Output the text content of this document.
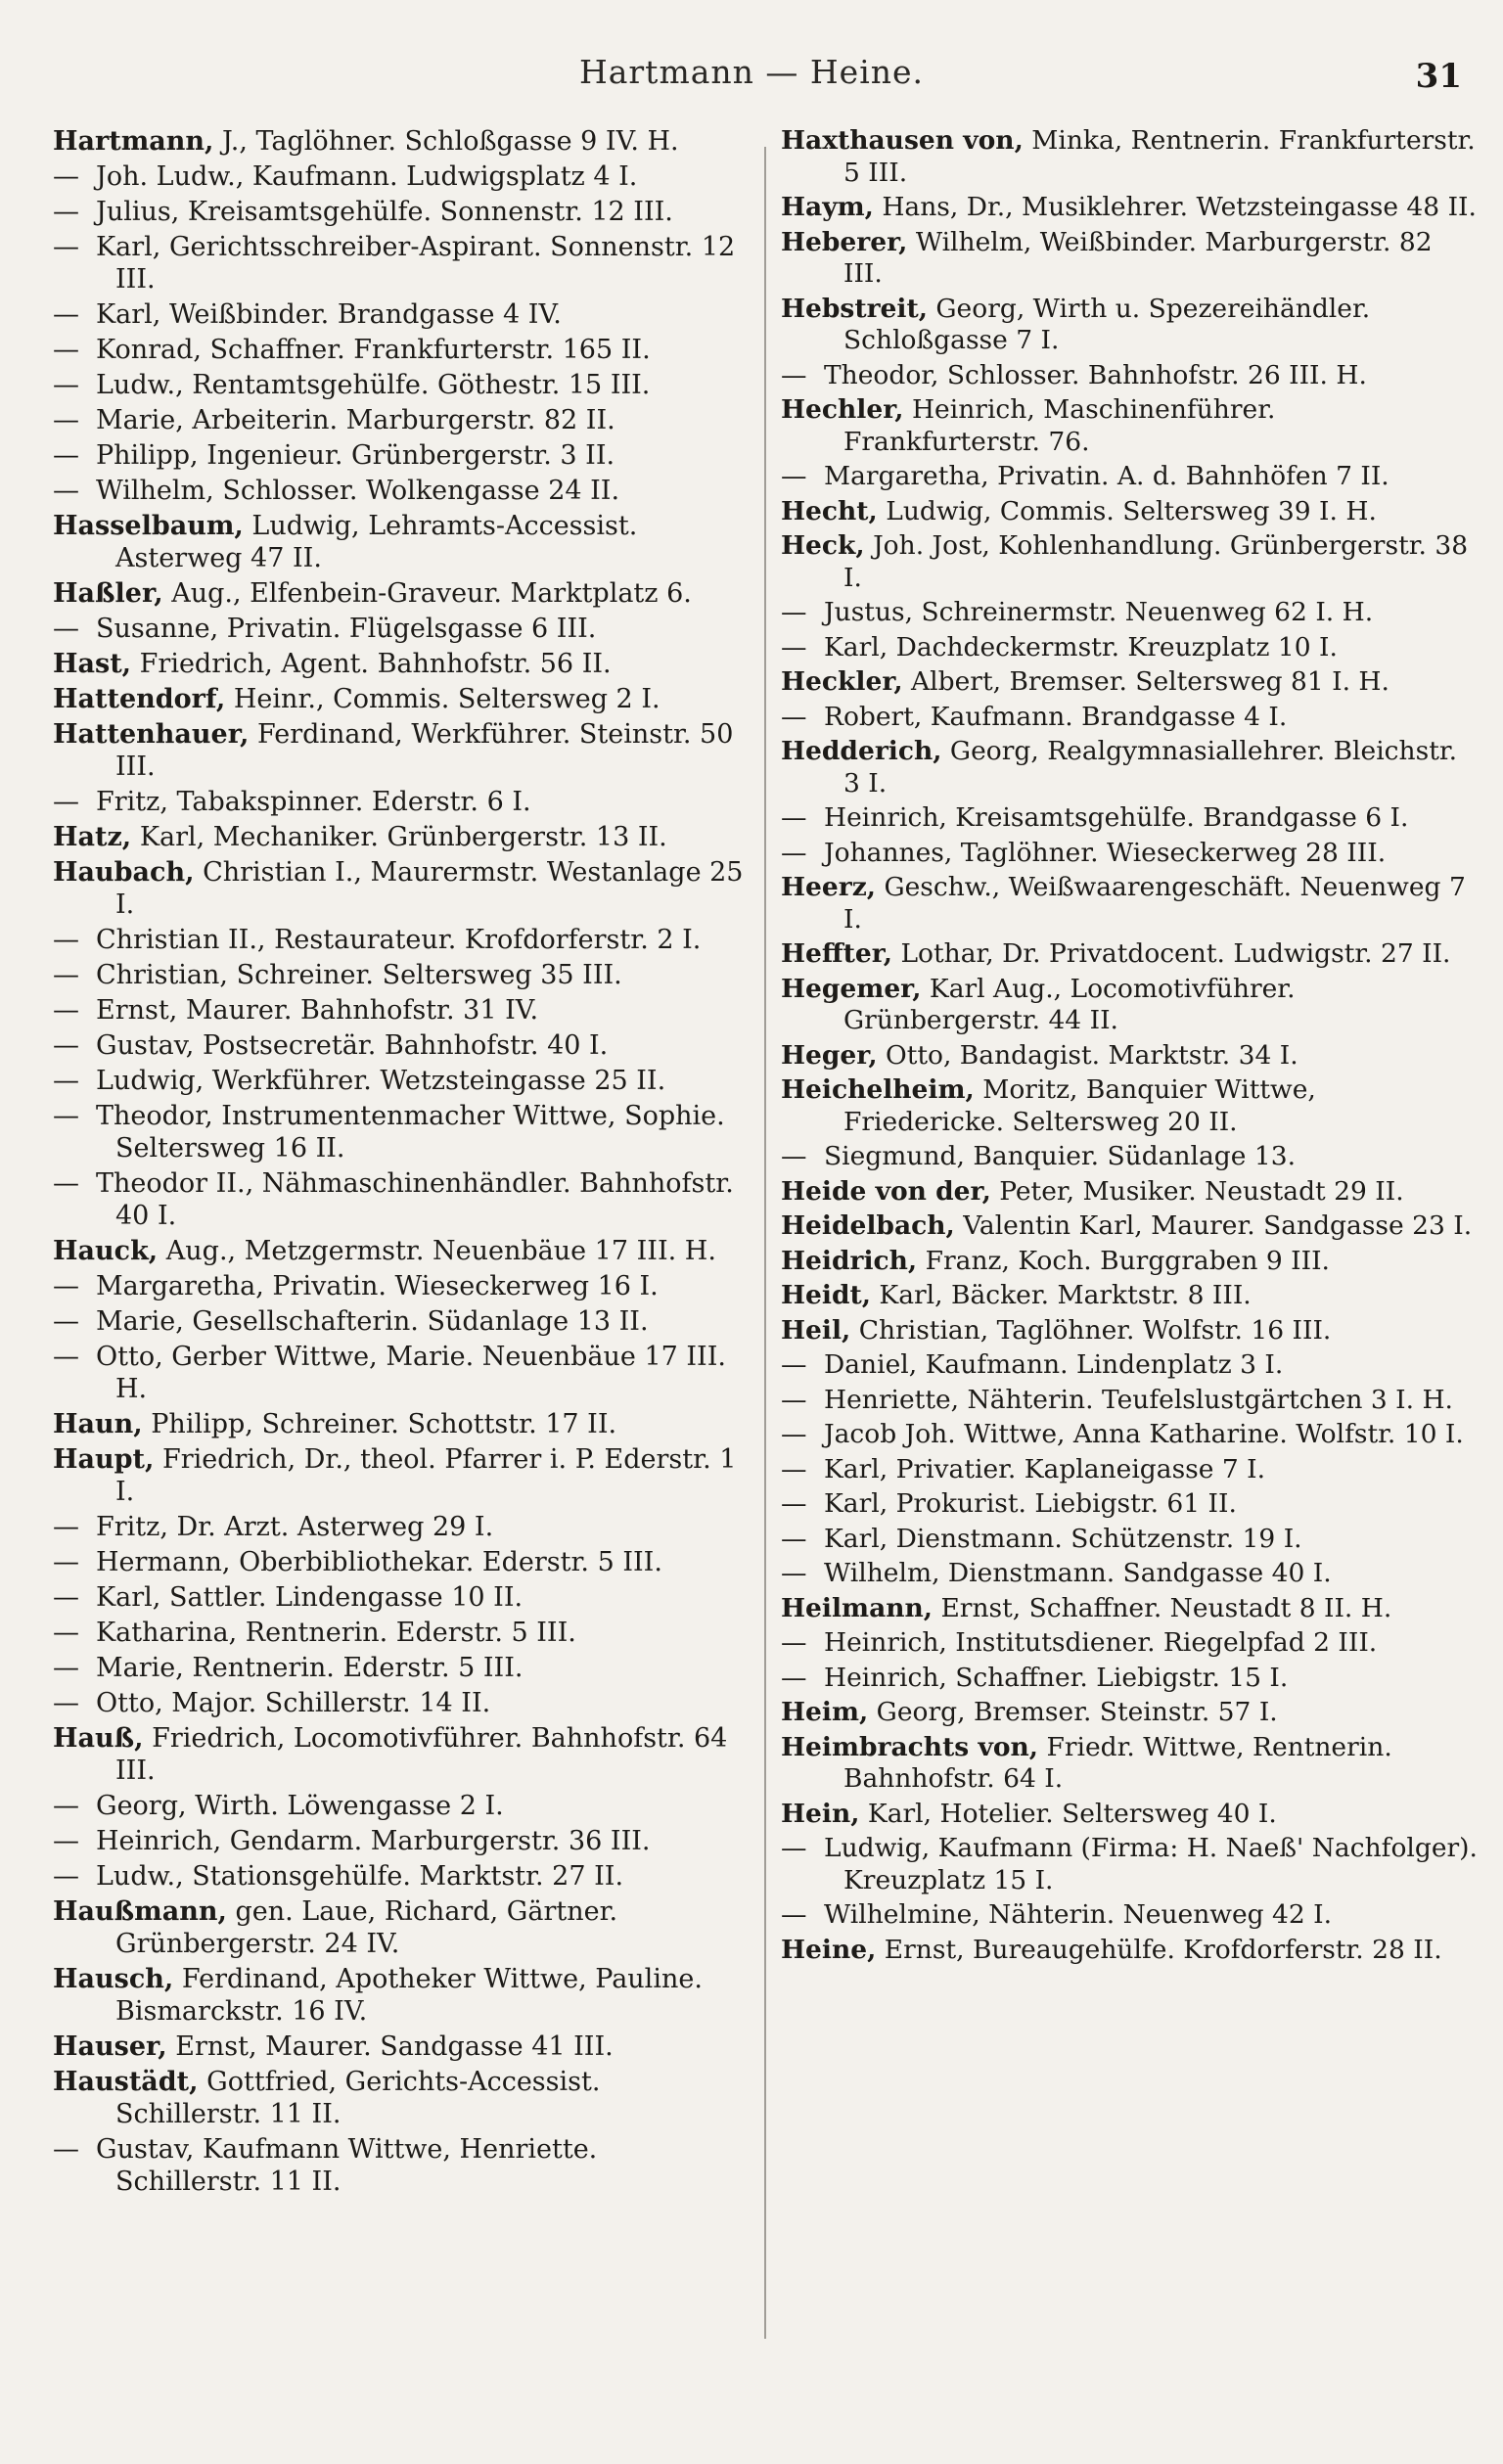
Hartmann — Heine.	31
Hartmann, J., Taglöhner. Schloßgasse 9 IV. H.
— Joh. Ludw., Kaufmann. Ludwigsplatz 4 I.
— Julius, Kreisamtsgehülfe. Sonnenstr. 12 III.
— Karl, Gerichtsschreiber-Aspirant. Sonnenstr. 12 III.
— Karl, Weißbinder. Brandgasse 4 IV.
— Konrad, Schaffner. Frankfurterstr. 165 II.
— Ludw., Rentamtsgehülfe. Göthestr. 15 III.
— Marie, Arbeiterin. Marburgerstr. 82 II.
— Philipp, Ingenieur. Grünbergerstr. 3 II.
— Wilhelm, Schlosser. Wolkengasse 24 II.
Hasselbaum, Ludwig, Lehramts-Accessist. Asterweg 47 II.
Haßler, Aug., Elfenbein-Graveur. Marktplatz 6.
— Susanne, Privatin. Flügelsgasse 6 III.
Hast, Friedrich, Agent. Bahnhofstr. 56 II.
Hattendorf, Heinr., Commis. Seltersweg 2 I.
Hattenhauer, Ferdinand, Werkführer. Steinstr. 50 III.
— Fritz, Tabakspinner. Ederstr. 6 I.
Hatz, Karl, Mechaniker. Grünbergerstr. 13 II.
Haubach, Christian I., Maurermstr. Westanlage 25 I.
— Christian II., Restaurateur. Krofdorferstr. 2 I.
— Christian, Schreiner. Seltersweg 35 III.
— Ernst, Maurer. Bahnhofstr. 31 IV.
— Gustav, Postsecretär. Bahnhofstr. 40 I.
— Ludwig, Werkführer. Wetzsteingasse 25 II.
— Theodor, Instrumentenmacher Wittwe, Sophie. Seltersweg 16 II.
— Theodor II., Nähmaschinenhändler. Bahnhofstr. 40 I.
Hauck, Aug., Metzgermstr. Neuenbäue 17 III. H.
— Margaretha, Privatin. Wieseckerweg 16 I.
— Marie, Gesellschafterin. Südanlage 13 II.
— Otto, Gerber Wittwe, Marie. Neuenbäue 17 III. H.
Haun, Philipp, Schreiner. Schottstr. 17 II.
Haupt, Friedrich, Dr., theol. Pfarrer i. P. Ederstr. 1 I.
— Fritz, Dr. Arzt. Asterweg 29 I.
— Hermann, Oberbibliothekar. Ederstr. 5 III.
— Karl, Sattler. Lindengasse 10 II.
— Katharina, Rentnerin. Ederstr. 5 III.
— Marie, Rentnerin. Ederstr. 5 III.
— Otto, Major. Schillerstr. 14 II.
Hauß, Friedrich, Locomotivführer. Bahnhofstr. 64 III.
— Georg, Wirth. Löwengasse 2 I.
— Heinrich, Gendarm. Marburgerstr. 36 III.
— Ludw., Stationsgehülfe. Marktstr. 27 II.
Haußmann, gen. Laue, Richard, Gärtner. Grünbergerstr. 24 IV.
Hausch, Ferdinand, Apotheker Wittwe, Pauline. Bismarckstr. 16 IV.
Hauser, Ernst, Maurer. Sandgasse 41 III.
Haustädt, Gottfried, Gerichts-Accessist. Schillerstr. 11 II.
— Gustav, Kaufmann Wittwe, Henriette. Schillerstr. 11 II.
Haxthausen von, Minka, Rentnerin. Frankfurterstr. 5 III.
Haym, Hans, Dr., Musiklehrer. Wetzsteingasse 48 II.
Heberer, Wilhelm, Weißbinder. Marburgerstr. 82 III.
Hebstreit, Georg, Wirth u. Spezereihändler. Schloßgasse 7 I.
— Theodor, Schlosser. Bahnhofstr. 26 III. H.
Hechler, Heinrich, Maschinenführer. Frankfurterstr. 76.
— Margaretha, Privatin. A. d. Bahnhöfen 7 II.
Hecht, Ludwig, Commis. Seltersweg 39 I. H.
Heck, Joh. Jost, Kohlenhandlung. Grünbergerstr. 38 I.
— Justus, Schreinermstr. Neuenweg 62 I. H.
— Karl, Dachdeckermstr. Kreuzplatz 10 I.
Heckler, Albert, Bremser. Seltersweg 81 I. H.
— Robert, Kaufmann. Brandgasse 4 I.
Hedderich, Georg, Realgymnasiallehrer. Bleichstr. 3 I.
— Heinrich, Kreisamtsgehülfe. Brandgasse 6 I.
— Johannes, Taglöhner. Wieseckerweg 28 III.
Heerz, Geschw., Weißwaarengeschäft. Neuenweg 7 I.
Heffter, Lothar, Dr. Privatdocent. Ludwigstr. 27 II.
Hegemer, Karl Aug., Locomotivführer. Grünbergerstr. 44 II.
Heger, Otto, Bandagist. Marktstr. 34 I.
Heichelheim, Moritz, Banquier Wittwe, Friedericke. Seltersweg 20 II.
— Siegmund, Banquier. Südanlage 13.
Heide von der, Peter, Musiker. Neustadt 29 II.
Heidelbach, Valentin Karl, Maurer. Sandgasse 23 I.
Heidrich, Franz, Koch. Burggraben 9 III.
Heidt, Karl, Bäcker. Marktstr. 8 III.
Heil, Christian, Taglöhner. Wolfstr. 16 III.
— Daniel, Kaufmann. Lindenplatz 3 I.
— Henriette, Nähterin. Teufelslustgärtchen 3 I. H.
— Jacob Joh. Wittwe, Anna Katharine. Wolfstr. 10 I.
— Karl, Privatier. Kaplaneigasse 7 I.
— Karl, Prokurist. Liebigstr. 61 II.
— Karl, Dienstmann. Schützenstr. 19 I.
— Wilhelm, Dienstmann. Sandgasse 40 I.
Heilmann, Ernst, Schaffner. Neustadt 8 II. H.
— Heinrich, Institutsdiener. Riegelpfad 2 III.
— Heinrich, Schaffner. Liebigstr. 15 I.
Heim, Georg, Bremser. Steinstr. 57 I.
Heimbrachts von, Friedr. Wittwe, Rentnerin. Bahnhofstr. 64 I.
Hein, Karl, Hotelier. Seltersweg 40 I.
— Ludwig, Kaufmann (Firma: H. Naeß' Nachfolger). Kreuzplatz 15 I.
— Wilhelmine, Nähterin. Neuenweg 42 I.
Heine, Ernst, Bureaugehülfe. Krofdorferstr. 28 II.
